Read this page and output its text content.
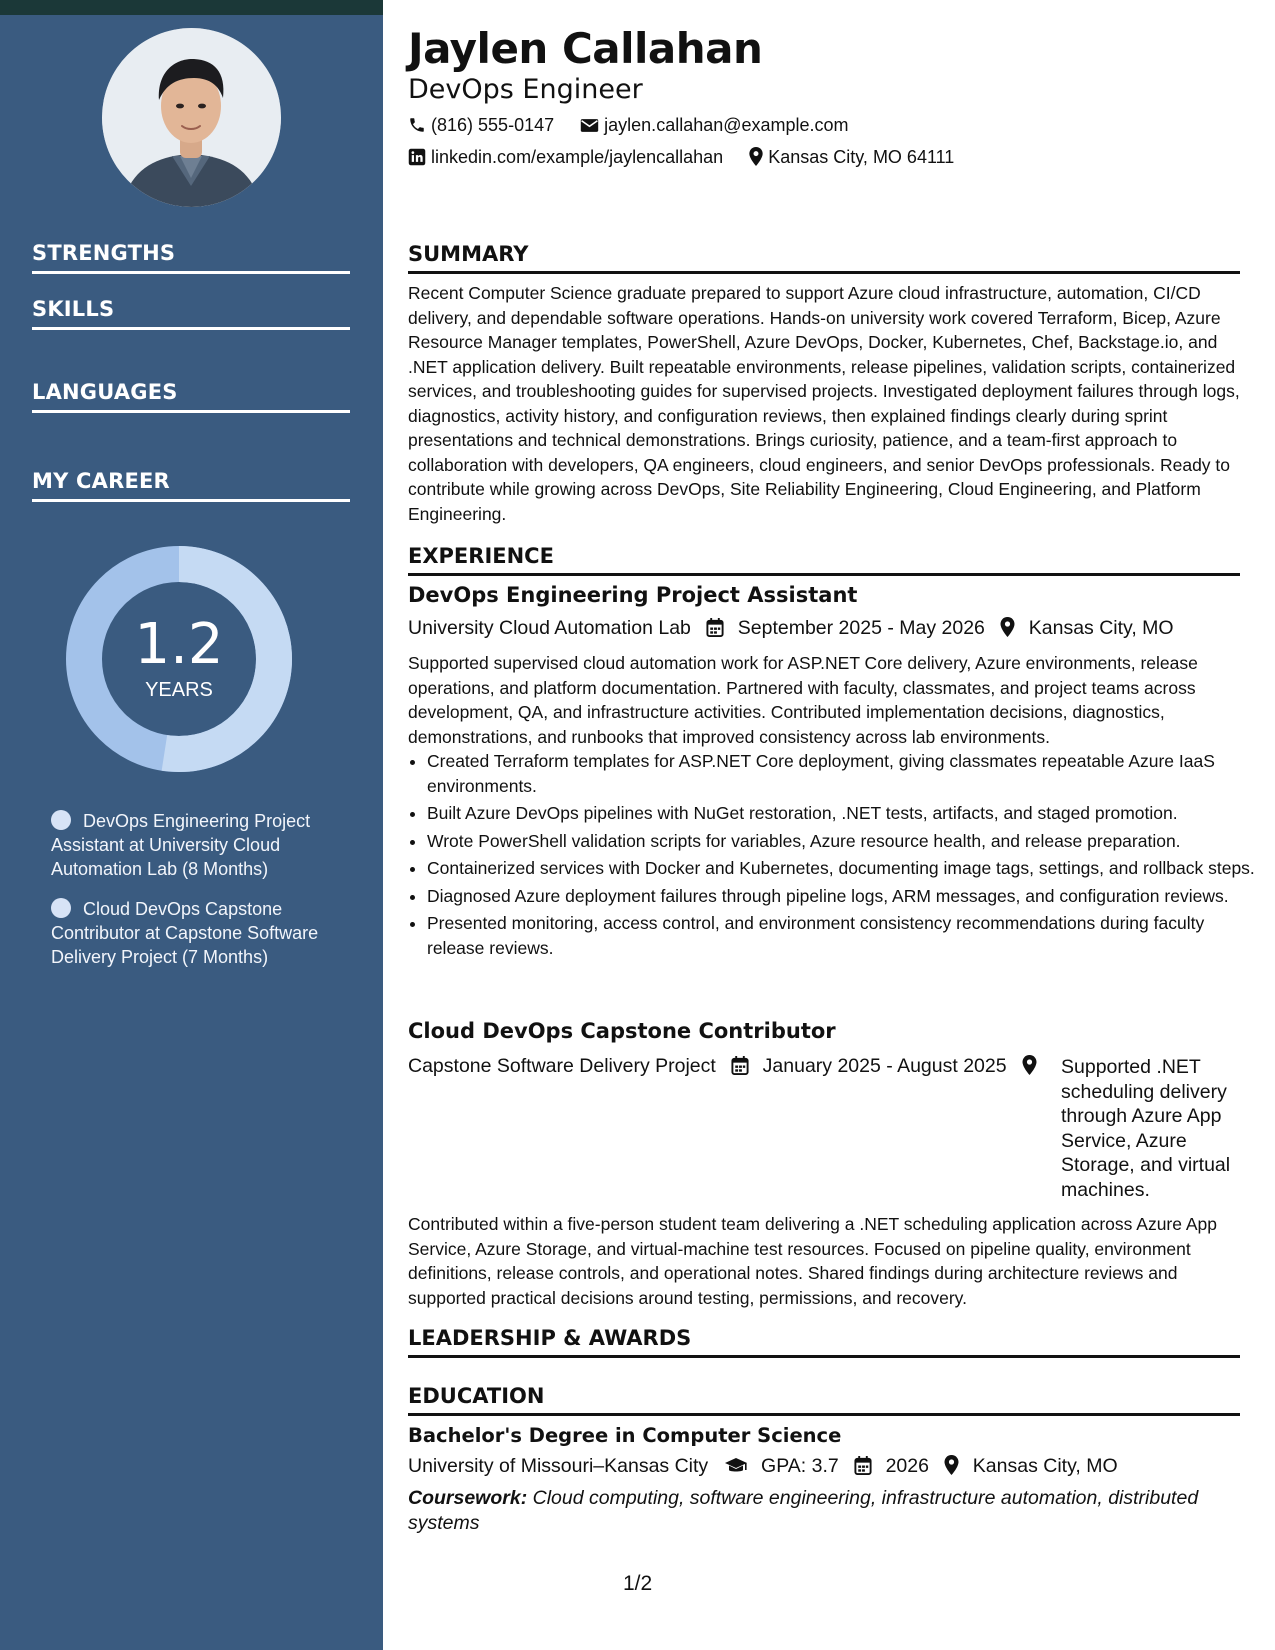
STRENGTHS
SKILLS
LANGUAGES
MY CAREER
1.2
YEARS
DevOps Engineering Project Assistant at University Cloud Automation Lab (8 Months)
Cloud DevOps Capstone Contributor at Capstone Software Delivery Project (7 Months)
Jaylen Callahan
DevOps Engineer
(816) 555-0147	jaylen.callahan@example.com
linkedin.com/example/jaylencallahan	Kansas City, MO 64111
SUMMARY
Recent Computer Science graduate prepared to support Azure cloud infrastructure, automation, CI/CD delivery, and dependable software operations. Hands-on university work covered Terraform, Bicep, Azure Resource Manager templates, PowerShell, Azure DevOps, Docker, Kubernetes, Chef, Backstage.io, and .NET application delivery. Built repeatable environments, release pipelines, validation scripts, containerized services, and troubleshooting guides for supervised projects. Investigated deployment failures through logs, diagnostics, activity history, and configuration reviews, then explained findings clearly during sprint presentations and technical demonstrations. Brings curiosity, patience, and a team-first approach to collaboration with developers, QA engineers, cloud engineers, and senior DevOps professionals. Ready to contribute while growing across DevOps, Site Reliability Engineering, Cloud Engineering, and Platform Engineering.
EXPERIENCE
DevOps Engineering Project Assistant
University Cloud Automation Lab September 2025 - May 2026 Kansas City, MO
Supported supervised cloud automation work for ASP.NET Core delivery, Azure environments, release operations, and platform documentation. Partnered with faculty, classmates, and project teams across development, QA, and infrastructure activities. Contributed implementation decisions, diagnostics, demonstrations, and runbooks that improved consistency across lab environments.
• Created Terraform templates for ASP.NET Core deployment, giving classmates repeatable Azure IaaS environments.
• Built Azure DevOps pipelines with NuGet restoration, .NET tests, artifacts, and staged promotion.
• Wrote PowerShell validation scripts for variables, Azure resource health, and release preparation.
• Containerized services with Docker and Kubernetes, documenting image tags, settings, and rollback steps.
• Diagnosed Azure deployment failures through pipeline logs, ARM messages, and configuration reviews.
• Presented monitoring, access control, and environment consistency recommendations during faculty release reviews.
Cloud DevOps Capstone Contributor
Capstone Software Delivery Project January 2025 - August 2025	Supported .NET scheduling delivery through Azure App Service, Azure Storage, and virtual machines.
Contributed within a five-person student team delivering a .NET scheduling application across Azure App Service, Azure Storage, and virtual-machine test resources. Focused on pipeline quality, environment definitions, release controls, and operational notes. Shared findings during architecture reviews and supported practical decisions around testing, permissions, and recovery.
LEADERSHIP & AWARDS
EDUCATION
Bachelor's Degree in Computer Science
University of Missouri–Kansas City	GPA: 3.7 2026 Kansas City, MO
Coursework: Cloud computing, software engineering, infrastructure automation, distributed systems
1/2
